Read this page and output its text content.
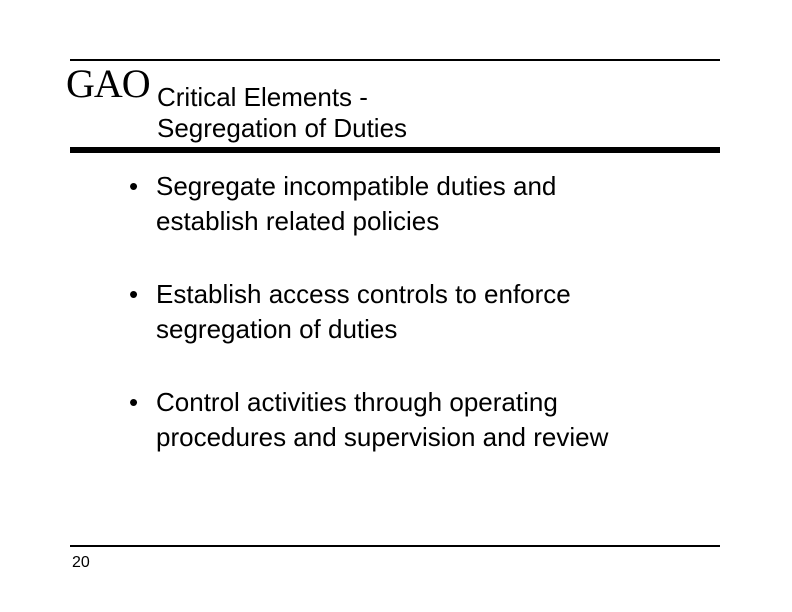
GAO Critical Elements -
Segregation of Duties
• Segregate incompatible duties and
establish related policies
• Establish access controls to enforce
segregation of duties
• Control activities through operating
procedures and supervision and review
20
